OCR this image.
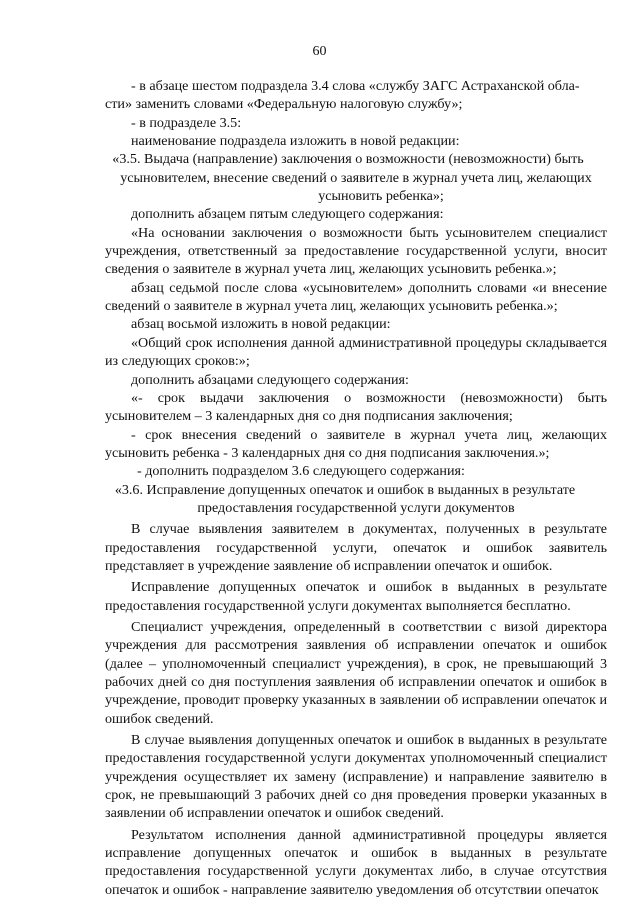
60

- в абзаце шестом подраздела 3.4 слова «службу ЗАГС Астраханской обла-

сти» заменить словами «Федеральную налоговую службу»;

- в подразделе 3.5:

наименование подраздела изложить в новой редакции:

«3.5. Выдача (направление) заключения о возможности (невозможности) быть

усыновителем, внесение сведений о заявителе в журнал учета лиц, желающих

усыновить ребенка»;

дополнить абзацем пятым следующего содержания:

«На основании заключения о возможности быть усыновителем специалист учреждения, ответственный за предоставление государственной услуги, вносит сведения о заявителе в журнал учета лиц, желающих усыновить ребенка.»;

абзац седьмой после слова «усыновителем» дополнить словами «и внесение сведений о заявителе в журнал учета лиц, желающих усыновить ребенка.»;

абзац восьмой изложить в новой редакции:

«Общий срок исполнения данной административной процедуры складывается из следующих сроков:»;

дополнить абзацами следующего содержания:

«- срок выдачи заключения о возможности (невозможности) быть усыновителем – 3 календарных дня со дня подписания заключения;

- срок внесения сведений о заявителе в журнал учета лиц, желающих усыновить ребенка - 3 календарных дня со дня подписания заключения.»;

- дополнить подразделом 3.6 следующего содержания:

«3.6. Исправление допущенных опечаток и ошибок в выданных в результате

предоставления государственной услуги документов

В случае выявления заявителем в документах, полученных в результате предоставления государственной услуги, опечаток и ошибок заявитель представляет в учреждение заявление об исправлении опечаток и ошибок.

Исправление допущенных опечаток и ошибок в выданных в результате предоставления государственной услуги документах выполняется бесплатно.

Специалист учреждения, определенный в соответствии с визой директора учреждения для рассмотрения заявления об исправлении опечаток и ошибок (далее – уполномоченный специалист учреждения), в срок, не превышающий 3 рабочих дней со дня поступления заявления об исправлении опечаток и ошибок в учреждение, проводит проверку указанных в заявлении об исправлении опечаток и ошибок сведений.

В случае выявления допущенных опечаток и ошибок в выданных в результате предоставления государственной услуги документах уполномоченный специалист учреждения осуществляет их замену (исправление) и направление заявителю в срок, не превышающий 3 рабочих дней со дня проведения проверки указанных в заявлении об исправлении опечаток и ошибок сведений.

Результатом исполнения данной административной процедуры является исправление допущенных опечаток и ошибок в выданных в результате предоставления государственной услуги документах либо, в случае отсутствия опечаток и ошибок - направление заявителю уведомления об отсутствии опечаток
